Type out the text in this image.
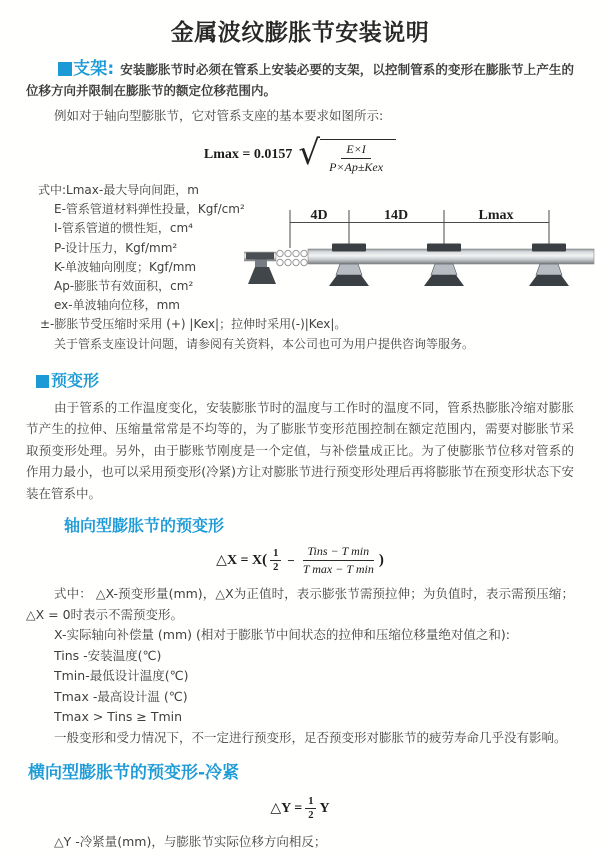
金属波纹膨胀节安装说明

支架: 安装膨胀节时必须在管系上安装必要的支架，以控制管系的变形在膨胀节上产生的位移方向并限制在膨胀节的额定位移范围内。

例如对于轴向型膨胀节，它对管系支座的基本要求如图所示:

Lmax = 0.0157 √ $\frac{E\times I}{\text{P×Ap±Kex}}$
式中:Lmax-最大导向间距，m
E-管系管道材料弹性投量，Kgf/cm²
I-管系管道的惯性矩，cm⁴
P-设计压力，Kgf/mm²
K-单波轴向刚度；Kgf/mm
Ap-膨胀节有效面积，cm²
ex-单波轴向位移，mm
±-膨胀节受压缩时采用 (+) |Kex|；拉伸时采用(-)|Kex|。
关于管系支座设计问题，请参阅有关资料，本公司也可为用户提供咨询等服务。
4D	14D	Lmax
预变形

由于管系的工作温度变化，安装膨胀节时的温度与工作时的温度不同，管系热膨胀冷缩对膨胀节产生的拉伸、压缩量常常是不均等的，为了膨胀节变形范围控制在额定范围内，需要对膨胀节采取预变形处理。另外，由于膨账节刚度是一个定值，与补偿量成正比。为了使膨胀节位移对管系的作用力最小，也可以采用预变形(冷紧)方让对膨胀节进行预变形处理后再将膨胀节在预变形状态下安装在管系中。

轴向型膨胀节的预变形
△X = X ( $\frac{1}{2} - \frac{\text{Tins − T min}}{\text{T max − T min}}$ )

式中： △X-预变形量(mm)，△X为正值时，表示膨张节需预拉伸；为负值时，表示需预压缩；△X = 0时表示不需预变形。

X-实际轴向补偿量 (mm) (相对于膨胀节中间状态的拉伸和压缩位移量绝对值之和):
Tins -安装温度(℃)
Tmin-最低设计温度(℃)
Tmax -最高设计温 (℃)
Tmax > Tins ≥ Tmin
一般变形和受力情况下，不一定进行预变形，足否预变形对膨胀节的疲劳寿命几乎没有影响。
横向型膨胀节的预变形-冷紧
△Y = $\frac{1}{2}$ Y
△Y -冷紧量(mm)，与膨胀节实际位移方向相反；
